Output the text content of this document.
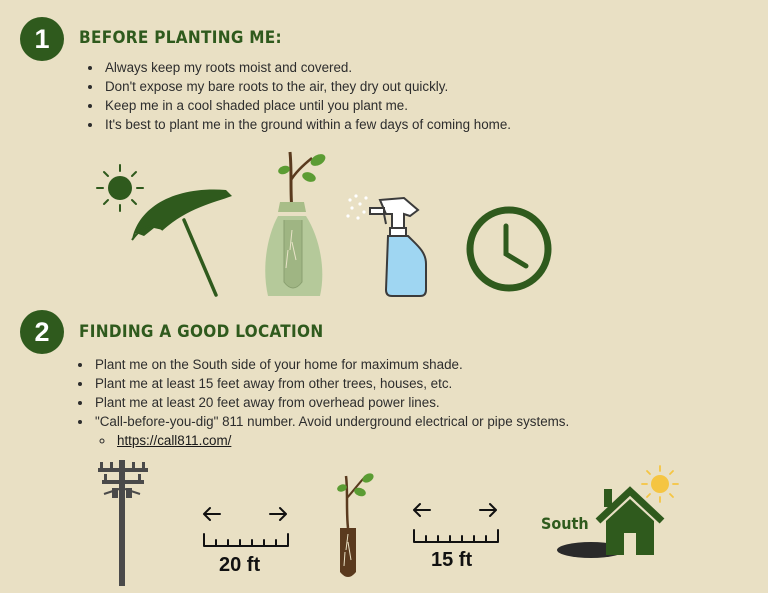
1 BEFORE PLANTING ME:
• Always keep my roots moist and covered.
• Don't expose my bare roots to the air, they dry out quickly.
• Keep me in a cool shaded place until you plant me.
• It's best to plant me in the ground within a few days of coming home.
2 FINDING A GOOD LOCATION
• Plant me on the South side of your home for maximum shade.
• Plant me at least 15 feet away from other trees, houses, etc.
• Plant me at least 20 feet away from overhead power lines.
• "Call-before-you-dig" 811 number. Avoid underground electrical or pipe systems.
◦ https://call811.com/
20 ft	15 ft
South
